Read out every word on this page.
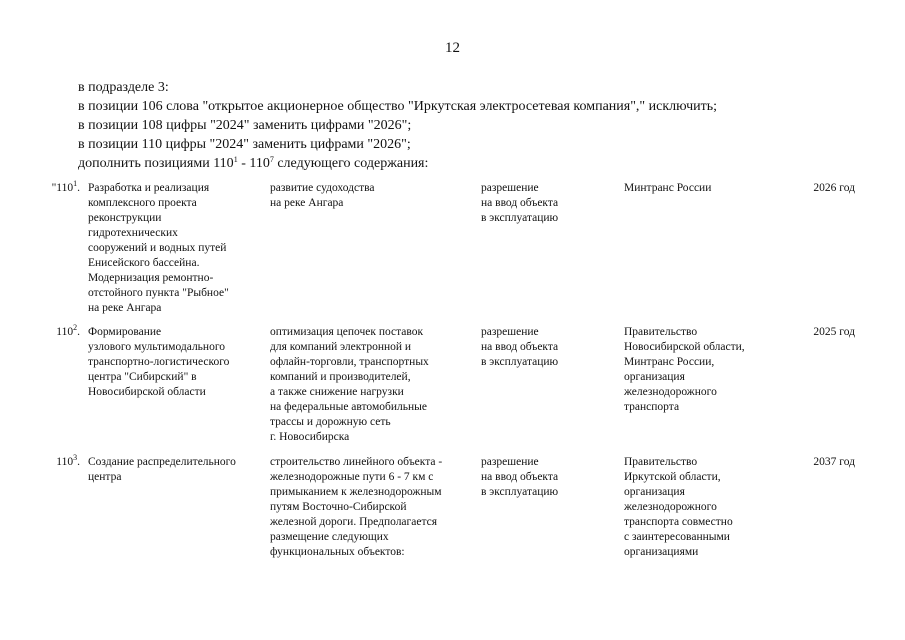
12
в подразделе 3:
в позиции 106 слова "открытое акционерное общество "Иркутская электросетевая компания"," исключить;
в позиции 108 цифры "2024" заменить цифрами "2026";
в позиции 110 цифры "2024" заменить цифрами "2026";
дополнить позициями $110^1 - 110^7$ следующего содержания:
"$110^1$. Разработка и реализация
комплексного проекта
реконструкции
гидротехнических
сооружений и водных путей
Енисейского бассейна.
Модернизация ремонтно-
отстойного пункта "Рыбное"
на реке Ангара
развитие судоходства
на реке Ангара
разрешение
на ввод объекта
в эксплуатацию
Минтранс России	2026 год
$110^2$. Формирование
узлового мультимодального
транспортно-логистического
центра "Сибирский" в
Новосибирской области
оптимизация цепочек поставок
для компаний электронной и
офлайн-торговли, транспортных
компаний и производителей,
а также снижение нагрузки
на федеральные автомобильные
трассы и дорожную сеть
г. Новосибирска
разрешение
на ввод объекта
в эксплуатацию
Правительство
Новосибирской области,
Минтранс России,
организация
железнодорожного
транспорта
2025 год
$110^3$. Создание распределительного
центра
строительство линейного объекта -
железнодорожные пути 6 - 7 км с
примыканием к железнодорожным
путям Восточно-Сибирской
железной дороги. Предполагается
размещение следующих
функциональных объектов:
разрешение
на ввод объекта
в эксплуатацию
Правительство
Иркутской области,
организация
железнодорожного
транспорта совместно
с заинтересованными
организациями
2037 год
